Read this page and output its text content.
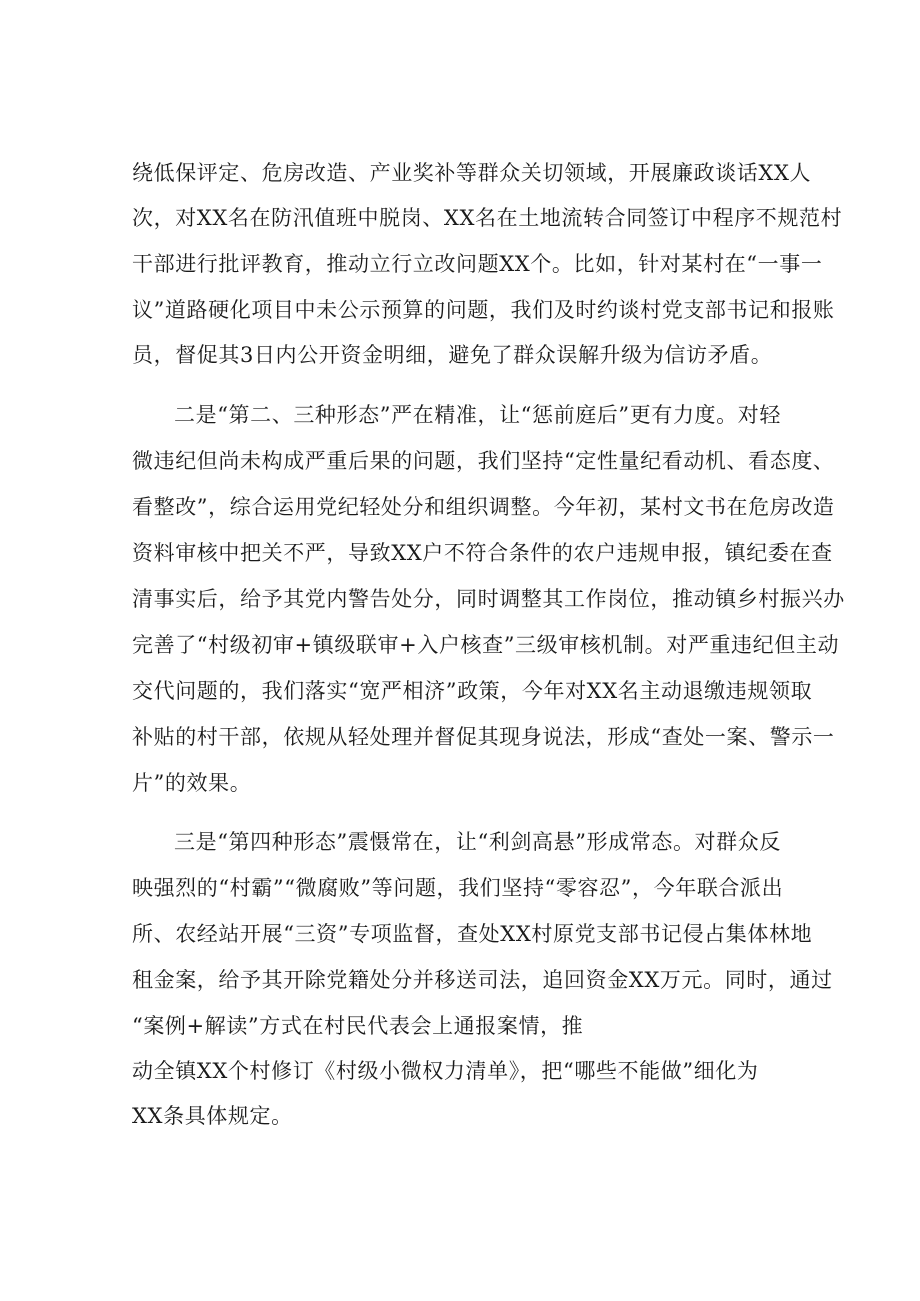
绕低保评定、危房改造、产业奖补等群众关切领域，开展廉政谈话XX人
次，对XX名在防汛值班中脱岗、XX名在土地流转合同签订中程序不规范村
干部进行批评教育，推动立行立改问题XX个。比如，针对某村在“一事一
议”道路硬化项目中未公示预算的问题，我们及时约谈村党支部书记和报账
员，督促其3日内公开资金明细，避免了群众误解升级为信访矛盾。
二是“第二、三种形态”严在精准，让“惩前庭后”更有力度。对轻
微违纪但尚未构成严重后果的问题，我们坚持“定性量纪看动机、看态度、
看整改”，综合运用党纪轻处分和组织调整。今年初，某村文书在危房改造
资料审核中把关不严，导致XX户不符合条件的农户违规申报，镇纪委在查
清事实后，给予其党内警告处分，同时调整其工作岗位，推动镇乡村振兴办
完善了“村级初审+镇级联审+入户核查”三级审核机制。对严重违纪但主动
交代问题的，我们落实“宽严相济”政策，今年对XX名主动退缴违规领取
补贴的村干部，依规从轻处理并督促其现身说法，形成“查处一案、警示一
片”的效果。
三是“第四种形态”震慑常在，让“利剑高悬”形成常态。对群众反
映强烈的“村霸”“微腐败”等问题，我们坚持“零容忍”，今年联合派出
所、农经站开展“三资”专项监督，查处XX村原党支部书记侵占集体林地
租金案，给予其开除党籍处分并移送司法，追回资金XX万元。同时，通过
“案例+解读”方式在村民代表会上通报案情，推
动全镇XX个村修订《村级小微权力清单》，把“哪些不能做”细化为
XX条具体规定。
